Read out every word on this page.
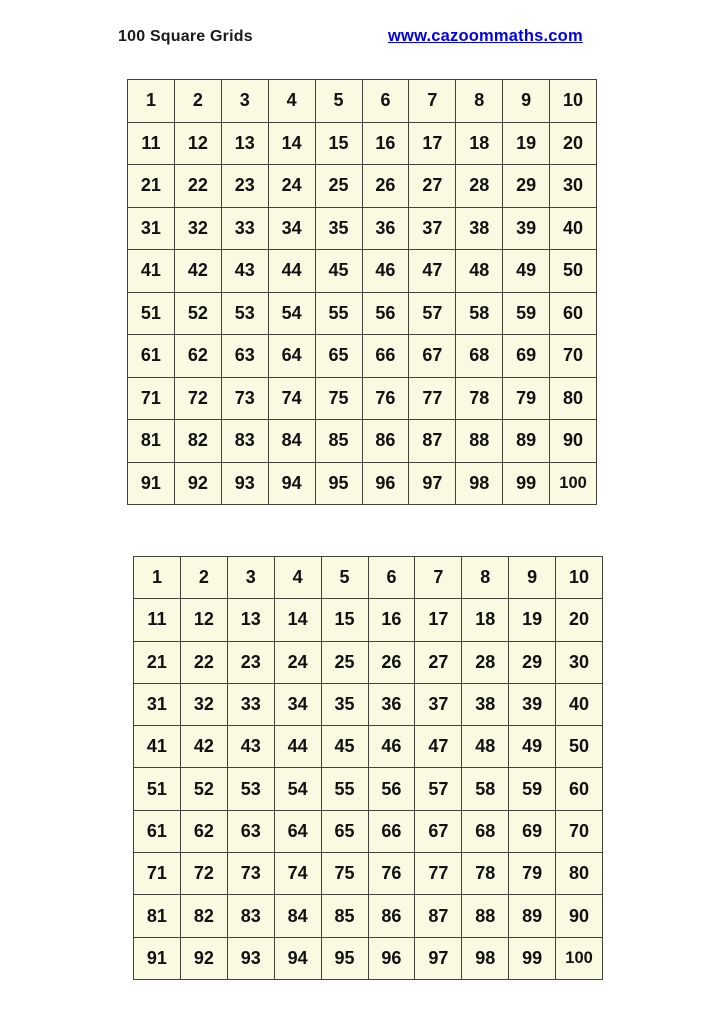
100 Square Grids	www.cazoommaths.com
1	2	3	4	5	6	7	8	9	10
11	12	13	14	15	16	17	18	19	20
21	22	23	24	25	26	27	28	29	30
31	32	33	34	35	36	37	38	39	40
41	42	43	44	45	46	47	48	49	50
51	52	53	54	55	56	57	58	59	60
61	62	63	64	65	66	67	68	69	70
71	72	73	74	75	76	77	78	79	80
81	82	83	84	85	86	87	88	89	90
91	92	93	94	95	96	97	98	99	100
1	2	3	4	5	6	7	8	9	10
11	12	13	14	15	16	17	18	19	20
21	22	23	24	25	26	27	28	29	30
31	32	33	34	35	36	37	38	39	40
41	42	43	44	45	46	47	48	49	50
51	52	53	54	55	56	57	58	59	60
61	62	63	64	65	66	67	68	69	70
71	72	73	74	75	76	77	78	79	80
81	82	83	84	85	86	87	88	89	90
91	92	93	94	95	96	97	98	99	100
